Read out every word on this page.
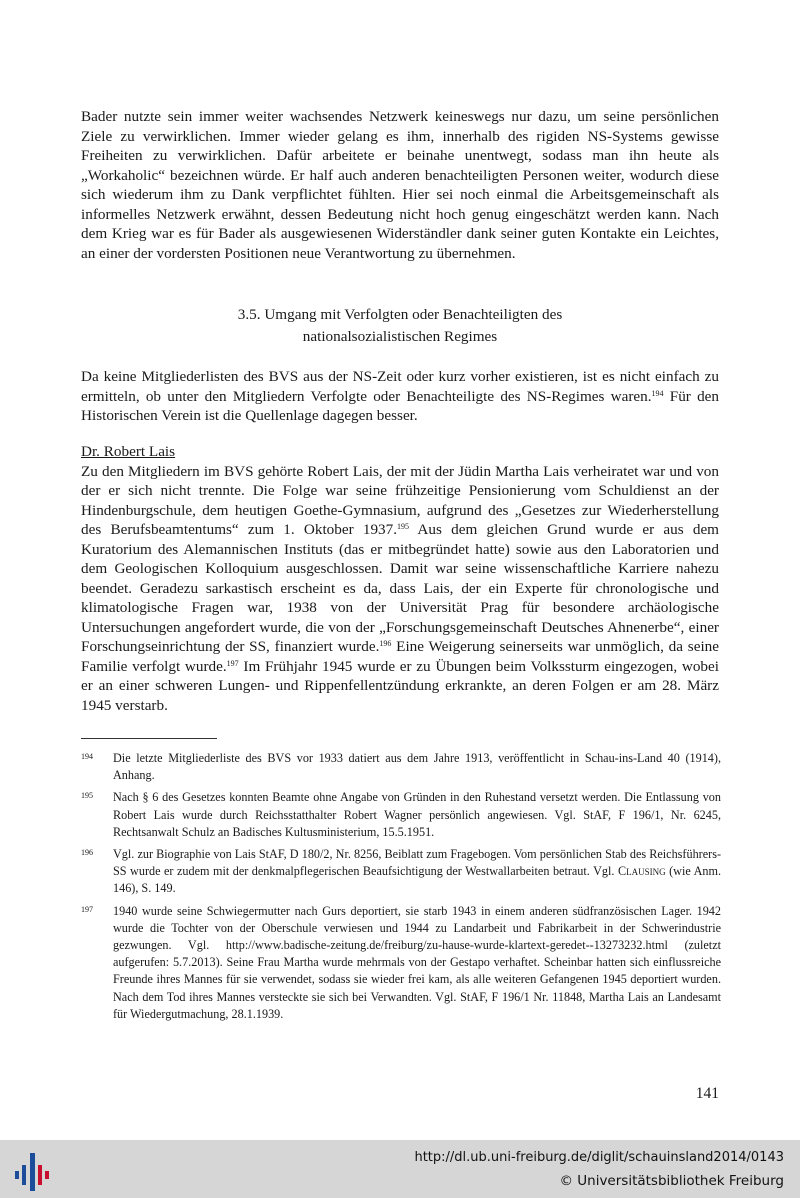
Bader nutzte sein immer weiter wachsendes Netzwerk keineswegs nur dazu, um seine persönlichen Ziele zu verwirklichen. Immer wieder gelang es ihm, innerhalb des rigiden NS-Systems gewisse Freiheiten zu verwirklichen. Dafür arbeitete er beinahe unentwegt, sodass man ihn heute als „Workaholic“ bezeichnen würde. Er half auch anderen benachteiligten Personen weiter, wodurch diese sich wiederum ihm zu Dank verpflichtet fühlten. Hier sei noch einmal die Arbeitsgemeinschaft als informelles Netzwerk erwähnt, dessen Bedeutung nicht hoch genug eingeschätzt werden kann. Nach dem Krieg war es für Bader als ausgewiesenen Widerständler dank seiner guten Kontakte ein Leichtes, an einer der vordersten Positionen neue Verantwortung zu übernehmen.
3.5. Umgang mit Verfolgten oder Benachteiligten des
nationalsozialistischen Regimes
Da keine Mitgliederlisten des BVS aus der NS-Zeit oder kurz vorher existieren, ist es nicht einfach zu ermitteln, ob unter den Mitgliedern Verfolgte oder Benachteiligte des NS-Regimes waren.$^{194}$ Für den Historischen Verein ist die Quellenlage dagegen besser.
Dr. Robert Lais
Zu den Mitgliedern im BVS gehörte Robert Lais, der mit der Jüdin Martha Lais verheiratet war und von der er sich nicht trennte. Die Folge war seine frühzeitige Pensionierung vom Schuldienst an der Hindenburgschule, dem heutigen Goethe-Gymnasium, aufgrund des „Gesetzes zur Wiederherstellung des Berufsbeamtentums“ zum 1. Oktober 1937.$^{195}$ Aus dem gleichen Grund wurde er aus dem Kuratorium des Alemannischen Instituts (das er mitbegründet hatte) sowie aus den Laboratorien und dem Geologischen Kolloquium ausgeschlossen. Damit war seine wissenschaftliche Karriere nahezu beendet. Geradezu sarkastisch erscheint es da, dass Lais, der ein Experte für chronologische und klimatologische Fragen war, 1938 von der Universität Prag für besondere archäologische Untersuchungen angefordert wurde, die von der „Forschungsgemeinschaft Deutsches Ahnenerbe“, einer Forschungseinrichtung der SS, finanziert wurde.$^{196}$ Eine Weigerung seinerseits war unmöglich, da seine Familie verfolgt wurde.$^{197}$ Im Frühjahr 1945 wurde er zu Übungen beim Volkssturm eingezogen, wobei er an einer schweren Lungen- und Rippenfellentzündung erkrankte, an deren Folgen er am 28. März 1945 verstarb.
194 Die letzte Mitgliederliste des BVS vor 1933 datiert aus dem Jahre 1913, veröffentlicht in Schau-ins-Land 40 (1914), Anhang.
195 Nach § 6 des Gesetzes konnten Beamte ohne Angabe von Gründen in den Ruhestand versetzt werden. Die Entlassung von Robert Lais wurde durch Reichsstatthalter Robert Wagner persönlich angewiesen. Vgl. StAF, F 196/1, Nr. 6245, Rechtsanwalt Schulz an Badisches Kultusministerium, 15.5.1951.
196 Vgl. zur Biographie von Lais StAF, D 180/2, Nr. 8256, Beiblatt zum Fragebogen. Vom persönlichen Stab des Reichsführers-SS wurde er zudem mit der denkmalpflegerischen Beaufsichtigung der Westwallarbeiten betraut. Vgl. Clausing (wie Anm. 146), S. 149.
197 1940 wurde seine Schwiegermutter nach Gurs deportiert, sie starb 1943 in einem anderen südfranzösischen Lager. 1942 wurde die Tochter von der Oberschule verwiesen und 1944 zu Landarbeit und Fabrikarbeit in der Schwerindustrie gezwungen. Vgl. http://www.badische-zeitung.de/freiburg/zu-hause-wurde-klartext-geredet--13273232.html (zuletzt aufgerufen: 5.7.2013). Seine Frau Martha wurde mehrmals von der Gestapo verhaftet. Scheinbar hatten sich einflussreiche Freunde ihres Mannes für sie verwendet, sodass sie wieder frei kam, als alle weiteren Gefangenen 1945 deportiert wurden. Nach dem Tod ihres Mannes versteckte sie sich bei Verwandten. Vgl. StAF, F 196/1 Nr. 11848, Martha Lais an Landesamt für Wiedergutmachung, 28.1.1939.
141
http://dl.ub.uni-freiburg.de/diglit/schauinsland2014/0143
© Universitätsbibliothek Freiburg
